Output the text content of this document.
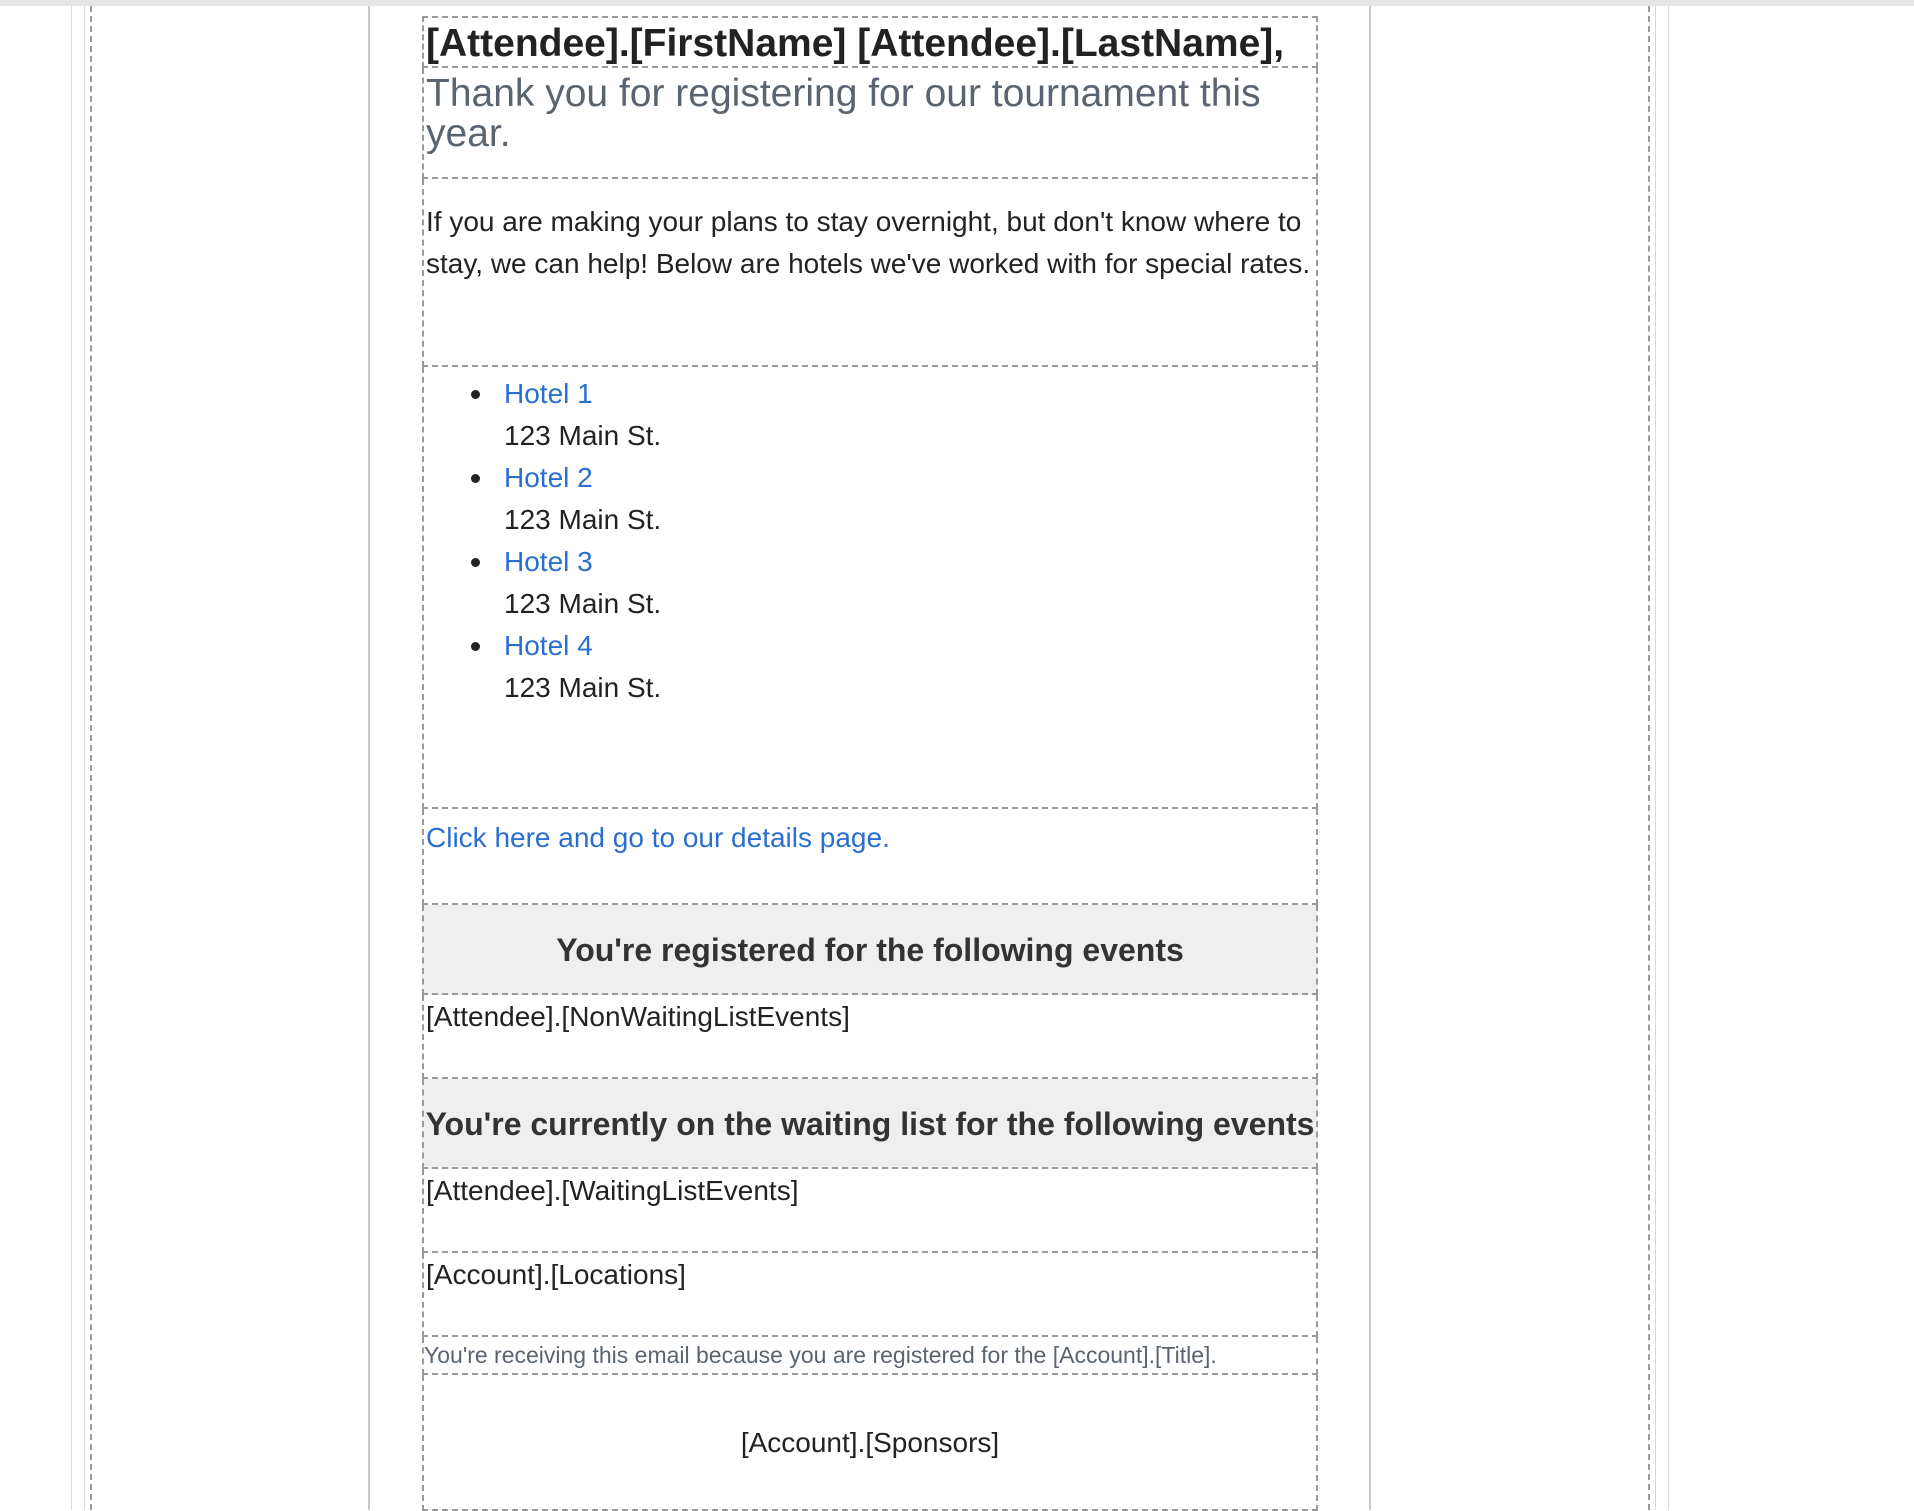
[Attendee].[FirstName] [Attendee].[LastName],
Thank you for registering for our tournament this year.
If you are making your plans to stay overnight, but don't know where to stay, we can help! Below are hotels we've worked with for special rates.
Hotel 1
123 Main St.
Hotel 2
123 Main St.
Hotel 3
123 Main St.
Hotel 4
123 Main St.
Click here and go to our details page.
You're registered for the following events
[Attendee].[NonWaitingListEvents]
You're currently on the waiting list for the following events
[Attendee].[WaitingListEvents]
[Account].[Locations]
You're receiving this email because you are registered for the [Account].[Title].
[Account].[Sponsors]
